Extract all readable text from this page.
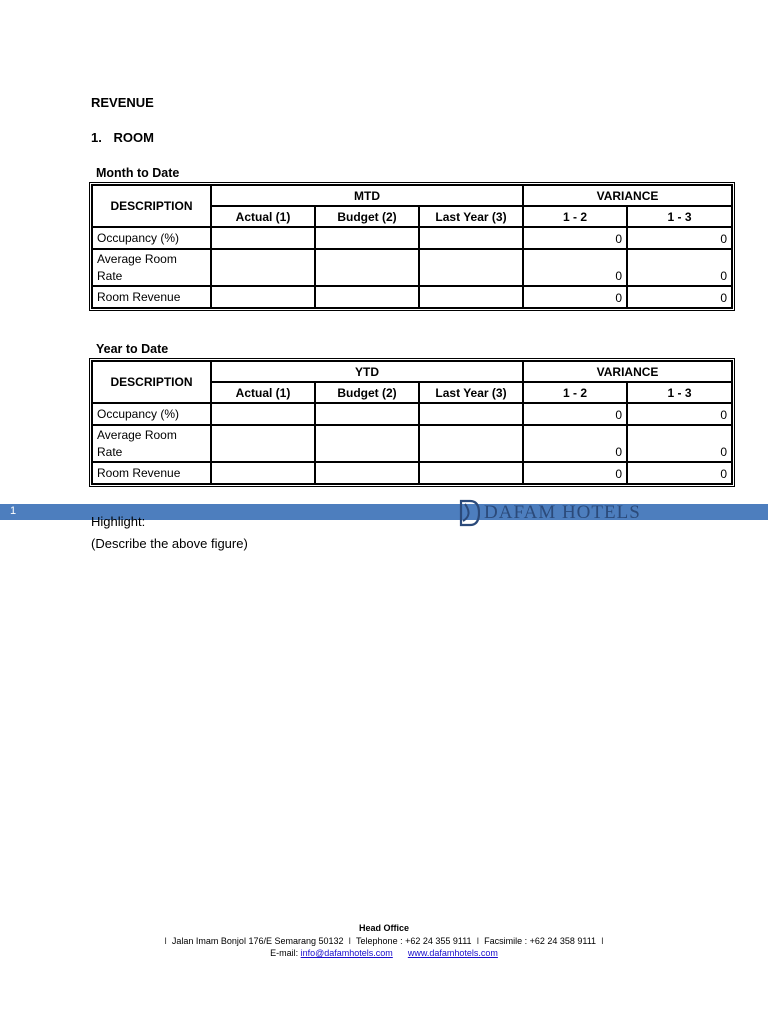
REVENUE
1. ROOM
Month to Date
DESCRIPTION	MTD			VARIANCE	
	Actual (1)	Budget (2)	Last Year (3)	1 - 2	1 - 3
Occupancy (%)				0	0

Average Room
Rate				0	0
Room Revenue				0	0
Year to Date
DESCRIPTION	YTD			VARIANCE	
	Actual (1)	Budget (2)	Last Year (3)	1 - 2	1 - 3
Occupancy (%)				0	0

Average Room
Rate				0	0
Room Revenue				0	0
1	DAFAM HOTELS
Highlight:
(Describe the above figure)
Head Office
I Jalan Imam Bonjol 176/E Semarang 50132 I Telephone : +62 24 355 9111 I Facsimile : +62 24 358 9111 I
E-mail: info@dafamhotels.com www.dafamhotels.com
